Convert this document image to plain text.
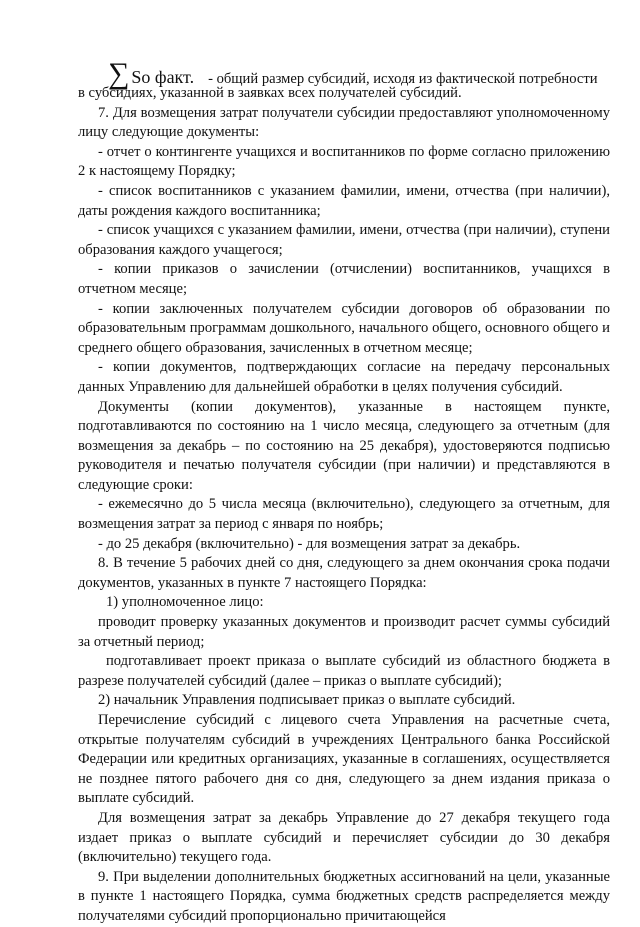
∑ So факт. - общий размер субсидий, исходя из фактической потребности

в субсидиях, указанной в заявках всех получателей субсидий.

7. Для возмещения затрат получатели субсидии предоставляют уполномоченному лицу следующие документы:

- отчет о контингенте учащихся и воспитанников по форме согласно приложению 2 к настоящему Порядку;

- список воспитанников с указанием фамилии, имени, отчества (при наличии), даты рождения каждого воспитанника;

- список учащихся с указанием фамилии, имени, отчества (при наличии), ступени образования каждого учащегося;

- копии приказов о зачислении (отчислении) воспитанников, учащихся в отчетном месяце;

- копии заключенных получателем субсидии договоров об образовании по образовательным программам дошкольного, начального общего, основного общего и среднего общего образования, зачисленных в отчетном месяце;

- копии документов, подтверждающих согласие на передачу персональных данных Управлению для дальнейшей обработки в целях получения субсидий.

Документы (копии документов), указанные в настоящем пункте, подготавливаются по состоянию на 1 число месяца, следующего за отчетным (для возмещения за декабрь – по состоянию на 25 декабря), удостоверяются подписью руководителя и печатью получателя субсидии (при наличии) и представляются в следующие сроки:

- ежемесячно до 5 числа месяца (включительно), следующего за отчетным, для возмещения затрат за период с января по ноябрь;

- до 25 декабря (включительно) - для возмещения затрат за декабрь.

8. В течение 5 рабочих дней со дня, следующего за днем окончания срока подачи документов, указанных в пункте 7 настоящего Порядка:

1) уполномоченное лицо:

проводит проверку указанных документов и производит расчет суммы субсидий за отчетный период;

подготавливает проект приказа о выплате субсидий из областного бюджета в разрезе получателей субсидий (далее – приказ о выплате субсидий);

2) начальник Управления подписывает приказ о выплате субсидий.

Перечисление субсидий с лицевого счета Управления на расчетные счета, открытые получателям субсидий в учреждениях Центрального банка Российской Федерации или кредитных организациях, указанные в соглашениях, осуществляется не позднее пятого рабочего дня со дня, следующего за днем издания приказа о выплате субсидий.

Для возмещения затрат за декабрь Управление до 27 декабря текущего года издает приказ о выплате субсидий и перечисляет субсидии до 30 декабря (включительно) текущего года.

9. При выделении дополнительных бюджетных ассигнований на цели, указанные в пункте 1 настоящего Порядка, сумма бюджетных средств распределяется между получателями субсидий пропорционально причитающейся
